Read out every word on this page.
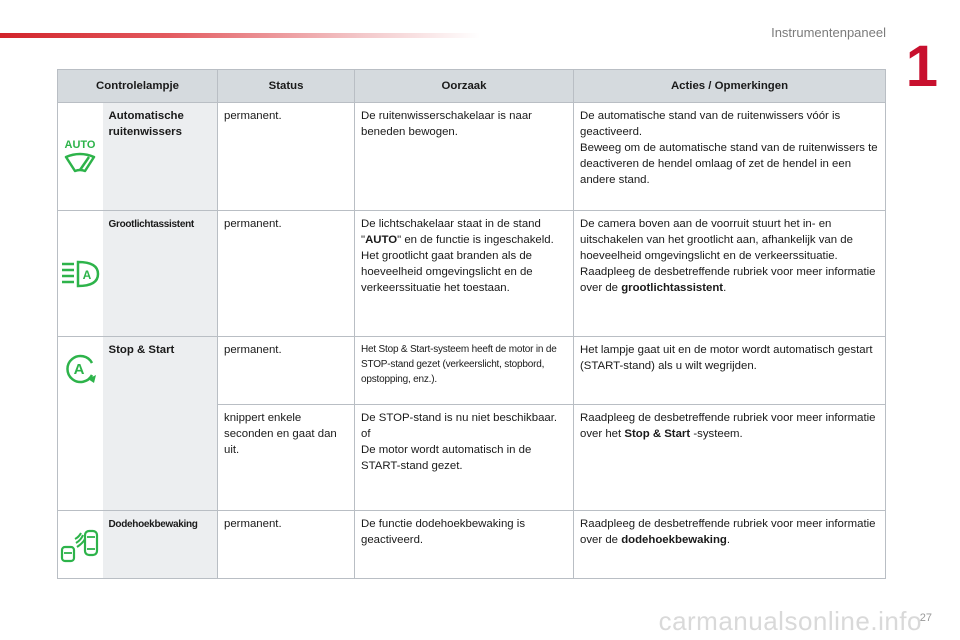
Instrumentenpaneel
1
Controlelampje		Status	Oorzaak	Acties / Opmerkingen

AUTO	Automatische ruitenwissers	permanent.	De ruitenwisserschakelaar is naar beneden bewogen.	De automatische stand van de ruitenwissers vóór is geactiveerd.
Beweeg om de automatische stand van de ruitenwissers te deactiveren de hendel omlaag of zet de hendel in een andere stand.

A	Grootlichtassistent	permanent.	De lichtschakelaar staat in de stand "AUTO" en de functie is ingeschakeld.
Het grootlicht gaat branden als de hoeveelheid omgevingslicht en de verkeerssituatie het toestaan.	De camera boven aan de voorruit stuurt het in- en uitschakelen van het grootlicht aan, afhankelijk van de hoeveelheid omgevingslicht en de verkeerssituatie. Raadpleeg de desbetreffende rubriek voor meer informatie over de grootlichtassistent.

A	Stop & Start	permanent.	Het Stop & Start-systeem heeft de motor in de STOP-stand gezet (verkeerslicht, stopbord, opstopping, enz.).	Het lampje gaat uit en de motor wordt automatisch gestart (START-stand) als u wilt wegrijden.
		knippert enkele seconden en gaat dan uit.	De STOP-stand is nu niet beschikbaar.
of
De motor wordt automatisch in de START-stand gezet.	Raadpleeg de desbetreffende rubriek voor meer informatie over het Stop & Start -systeem.

	Dodehoekbewaking	permanent.	De functie dodehoekbewaking is geactiveerd.	Raadpleeg de desbetreffende rubriek voor meer informatie over de dodehoekbewaking.
carmanualsonline.info
27
